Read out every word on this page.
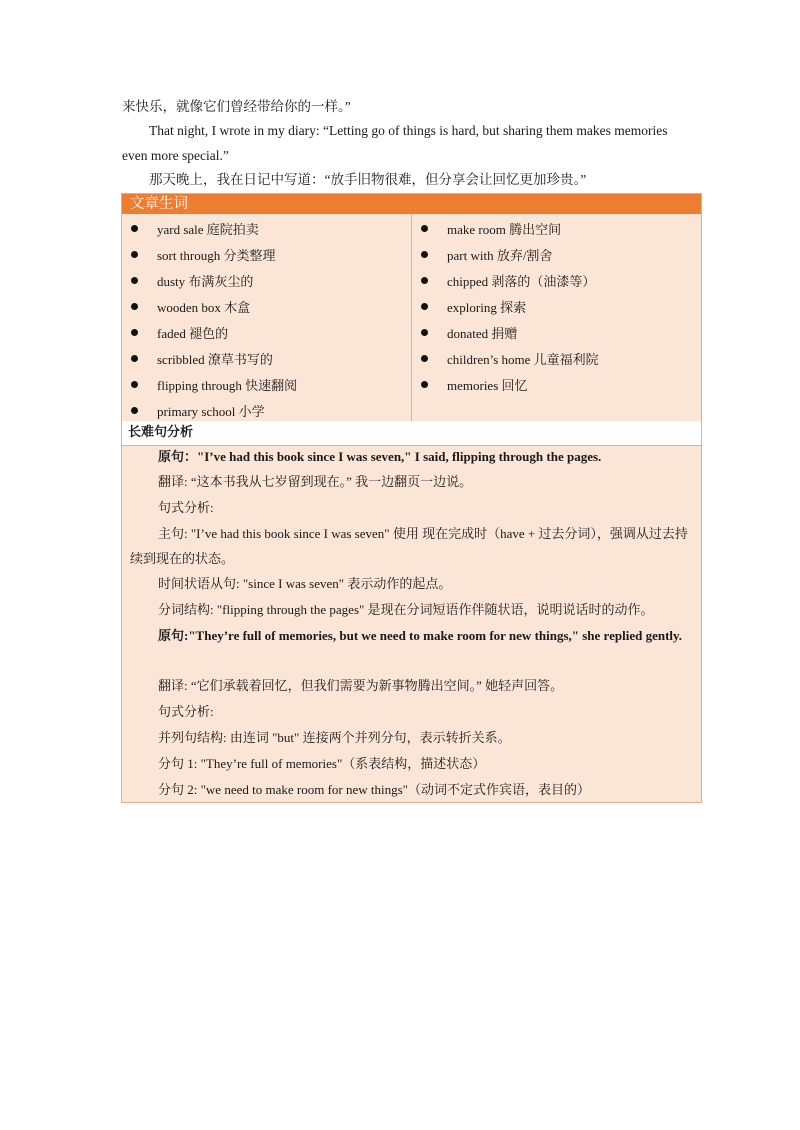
来快乐，就像它们曾经带给你的一样。”

That night, I wrote in my diary: “Letting go of things is hard, but sharing them makes memories even more special.”

那天晚上，我在日记中写道：“放手旧物很难，但分享会让回忆更加珍贵。”

文章生词
yard sale 庭院拍卖
sort through 分类整理
dusty 布满灰尘的
wooden box 木盒
faded 褪色的
scribbled 潦草书写的
flipping through 快速翻阅
primary school 小学
make room 腾出空间
part with 放弃/割舍
chipped 剥落的（油漆等）
exploring 探索
donated 捐赠
children’s home 儿童福利院
memories 回忆
长难句分析

原句："I’ve had this book since I was seven," I said, flipping through the pages.

翻译: “这本书我从七岁留到现在。” 我一边翻页一边说。

句式分析:

主句: "I’ve had this book since I was seven" 使用 现在完成时（have + 过去分词），强调从过去持续到现在的状态。

时间状语从句: "since I was seven" 表示动作的起点。

分词结构: "flipping through the pages" 是现在分词短语作伴随状语，说明说话时的动作。

原句:"They’re full of memories, but we need to make room for new things," she replied gently.

翻译: “它们承载着回忆，但我们需要为新事物腾出空间。” 她轻声回答。

句式分析:

并列句结构: 由连词 "but" 连接两个并列分句，表示转折关系。

分句 1: "They’re full of memories"（系表结构，描述状态）

分句 2: "we need to make room for new things"（动词不定式作宾语，表目的）
